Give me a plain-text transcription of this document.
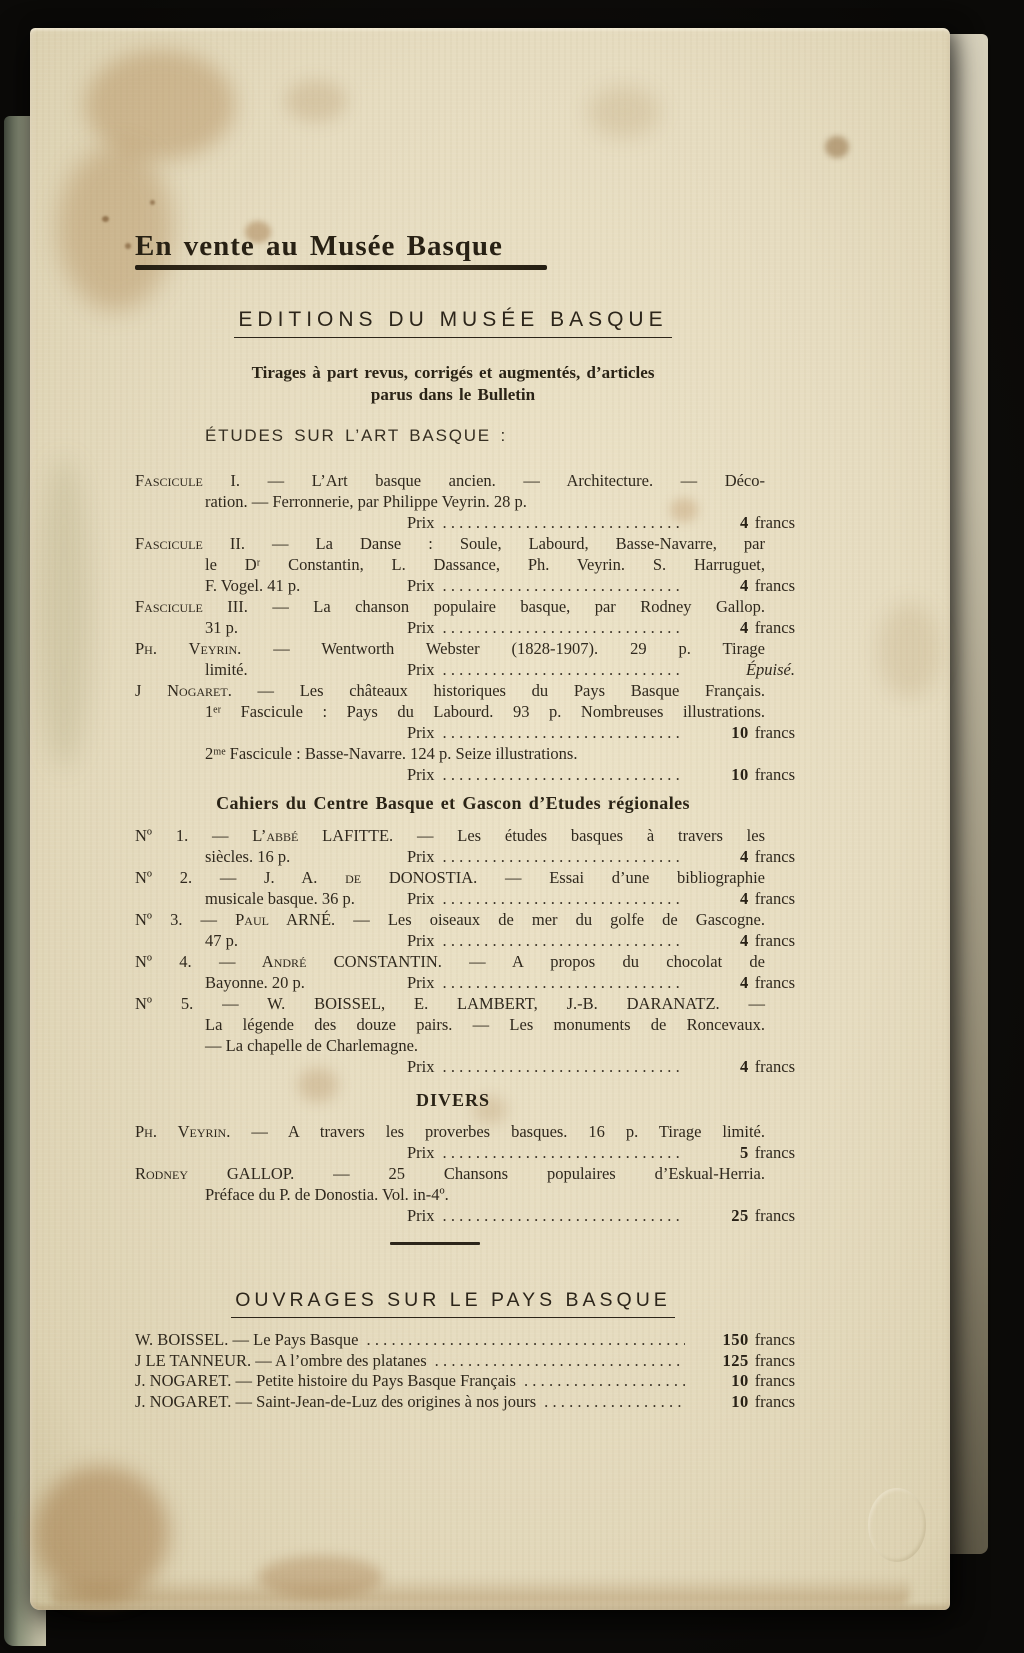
En vente au Musée Basque
EDITIONS DU MUSÉE BASQUE
Tirages à part revus, corrigés et augmentés, d’articles
parus dans le Bulletin
ÉTUDES SUR L’ART BASQUE :
Fascicule I. — L’Art basque ancien. — Architecture. — Déco-
ration. — Ferronnerie, par Philippe Veyrin. 28 p.
Prix .....	4 francs
Fascicule II. — La Danse : Soule, Labourd, Basse-Navarre, par
le Dʳ Constantin, L. Dassance, Ph. Veyrin. S. Harruguet,
F. Vogel. 41 p.	Prix .....	4 francs
Fascicule III. — La chanson populaire basque, par Rodney Gallop.
31 p.	Prix .....	4 francs
Ph. Veyrin. — Wentworth Webster (1828-1907). 29 p. Tirage
limité.	Prix .....	Épuisé.
J Nogaret. — Les châteaux historiques du Pays Basque Français.
1ᵉʳ Fascicule : Pays du Labourd. 93 p. Nombreuses illustrations.
Prix .....	10 francs
2ᵐᵉ Fascicule : Basse-Navarre. 124 p. Seize illustrations.
Prix .....	10 francs
Cahiers du Centre Basque et Gascon d’Etudes régionales
Nº 1. — L’abbé LAFITTE. — Les études basques à travers les
siècles. 16 p.	Prix .....	4 francs
Nº 2. — J. A. de DONOSTIA. — Essai d’une bibliographie
musicale basque. 36 p.	Prix .....	4 francs
Nº 3. — Paul ARNÉ. — Les oiseaux de mer du golfe de Gascogne.
47 p.	Prix .....	4 francs
Nº 4. — André CONSTANTIN. — A propos du chocolat de
Bayonne. 20 p.	Prix .....	4 francs
Nº 5. — W. BOISSEL, E. LAMBERT, J.-B. DARANATZ. —
La légende des douze pairs. — Les monuments de Roncevaux.
— La chapelle de Charlemagne.
Prix .....	4 francs
DIVERS
Ph. Veyrin. — A travers les proverbes basques. 16 p. Tirage limité.
Prix .....	5 francs
Rodney GALLOP. — 25 Chansons populaires d’Eskual-Herria.
Préface du P. de Donostia. Vol. in-4º.
Prix .....	25 francs
OUVRAGES SUR LE PAYS BASQUE
W. BOISSEL. — Le Pays Basque .....	150 francs
J LE TANNEUR. — A l’ombre des platanes .....	125 francs
J. NOGARET. — Petite histoire du Pays Basque Français .....	10 francs
J. NOGARET. — Saint-Jean-de-Luz des origines à nos jours .....	10 francs
